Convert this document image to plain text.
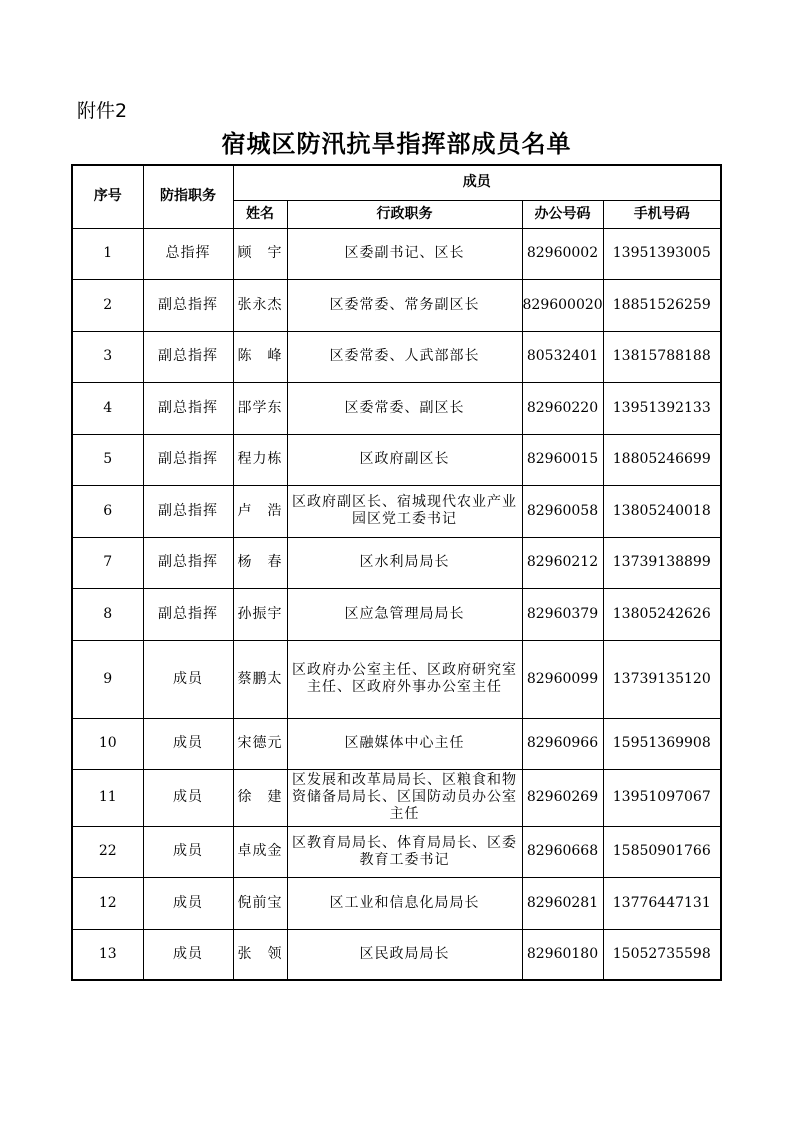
附件2
宿城区防汛抗旱指挥部成员名单
序号	防指职务	成员			
		姓名	行政职务	办公号码	手机号码
1	总指挥	顾　宇	区委副书记、区长	82960002	13951393005
2	副总指挥	张永杰	区委常委、常务副区长	829600020	18851526259
3	副总指挥	陈　峰	区委常委、人武部部长	80532401	13815788188
4	副总指挥	郘学东	区委常委、副区长	82960220	13951392133
5	副总指挥	程力栋	区政府副区长	82960015	18805246699
6	副总指挥	卢　浩	区政府副区长、宿城现代农业产业园区党工委书记	82960058	13805240018
7	副总指挥	杨　春	区水利局局长	82960212	13739138899
8	副总指挥	孙振宇	区应急管理局局长	82960379	13805242626
9	成员	蔡鹏太	区政府办公室主任、区政府研究室主任、区政府外事办公室主任	82960099	13739135120
10	成员	宋德元	区融媒体中心主任	82960966	15951369908
11	成员	徐　建	区发展和改革局局长、区粮食和物资储备局局长、区国防动员办公室主任	82960269	13951097067
22	成员	卓成金	区教育局局长、体育局局长、区委教育工委书记	82960668	15850901766
12	成员	倪前宝	区工业和信息化局局长	82960281	13776447131
13	成员	张　领	区民政局局长	82960180	15052735598
